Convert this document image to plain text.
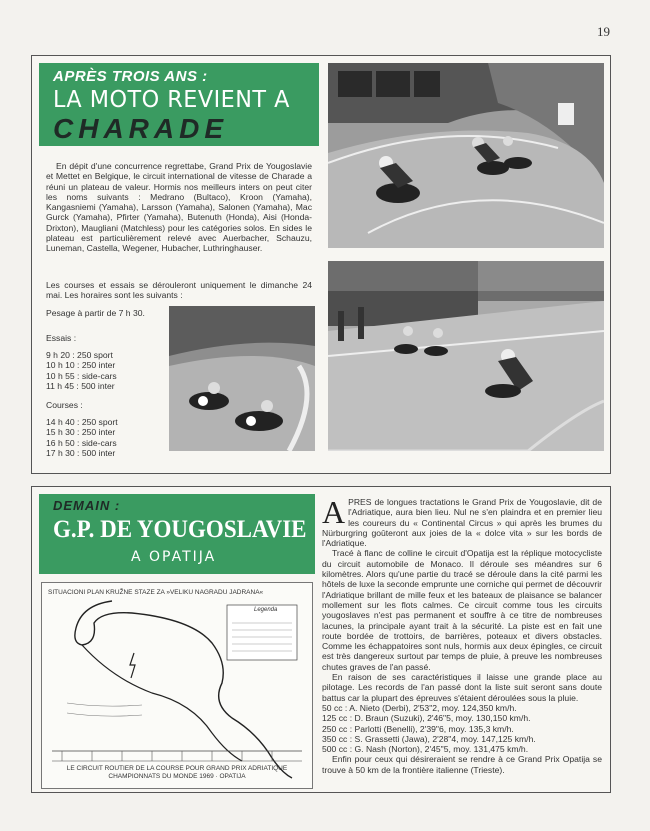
19
APRÈS TROIS ANS :
LA MOTO REVIENT A
CHARADE

En dépit d'une concurrence regrettabe, Grand Prix de Yougoslavie et Mettet en Belgique, le circuit international de vitesse de Charade a réuni un plateau de valeur. Hormis nos meilleurs inters on peut citer les noms suivants : Medrano (Bultaco), Kroon (Yamaha), Kangasniemi (Yamaha), Larsson (Yamaha), Salonen (Yamaha), Mac Gurck (Yamaha), Pfirter (Yamaha), Butenuth (Honda), Aisi (Honda-Drixton), Maugliani (Matchless) pour les catégories solos. En sides le plateau est particulièrement relevé avec Auerbacher, Schauzu, Luneman, Castella, Wegener, Hubacher, Luthringhauser.

Les courses et essais se dérouleront uniquement le dimanche 24 mai. Les horaires sont les suivants :

Pesage à partir de 7 h 30.

Essais :

9 h 20 : 250 sport

10 h 10 : 250 inter

10 h 55 : side-cars

11 h 45 : 500 inter

Courses :

14 h 40 : 250 sport

15 h 30 : 250 inter

16 h 50 : side-cars

17 h 30 : 500 inter

DEMAIN :
G.P. DE YOUGOSLAVIE
A OPATIJA
SITUACIONI PLAN KRUŽNE STAZE ZA »VELIKU NAGRADU JADRANA«
Legenda
LE CIRCUIT ROUTIER DE LA COURSE POUR GRAND PRIX ADRIATIQUE
CHAMPIONNATS DU MONDE 1969 · OPATIJA

APRES de longues tractations le Grand Prix de Yougoslavie, dit de l'Adriatique, aura bien lieu. Nul ne s'en plaindra et en premier lieu les coureurs du « Continental Circus » qui après les brumes du Nürburgring goûteront aux joies de la « dolce vita » sur les bords de l'Adriatique.

Tracé à flanc de colline le circuit d'Opatija est la réplique motocycliste du circuit automobile de Monaco. Il déroule ses méandres sur 6 kilomètres. Alors qu'une partie du tracé se déroule dans la cité parmi les hôtels de luxe la seconde emprunte une corniche qui permet de découvrir l'Adriatique brillant de mille feux et les bateaux de plaisance se balancer mollement sur les flots calmes. Ce circuit comme tous les circuits yougoslaves n'est pas permanent et souffre à ce titre de nombreuses lacunes, la principale ayant trait à la sécurité. La piste est en fait une route bordée de trottoirs, de barrières, poteaux et divers obstacles. Comme les échappatoires sont nuls, hormis aux deux épingles, ce circuit est très dangereux surtout par temps de pluie, à preuve les nombreuses chutes graves de l'an passé.

En raison de ses caractéristiques il laisse une grande place au pilotage. Les records de l'an passé dont la liste suit seront sans doute battus car la plupart des épreuves s'étaient déroulées sous la pluie.

50 cc : A. Nieto (Derbi), 2'53"2, moy. 124,350 km/h.

125 cc : D. Braun (Suzuki), 2'46"5, moy. 130,150 km/h.

250 cc : Parlotti (Benelli), 2'39"6, moy. 135,3 km/h.

350 cc : S. Grassetti (Jawa), 2'28"4, moy. 147,125 km/h.

500 cc : G. Nash (Norton), 2'45"5, moy. 131,475 km/h.

Enfin pour ceux qui désireraient se rendre à ce Grand Prix Opatija se trouve à 50 km de la frontière italienne (Trieste).
